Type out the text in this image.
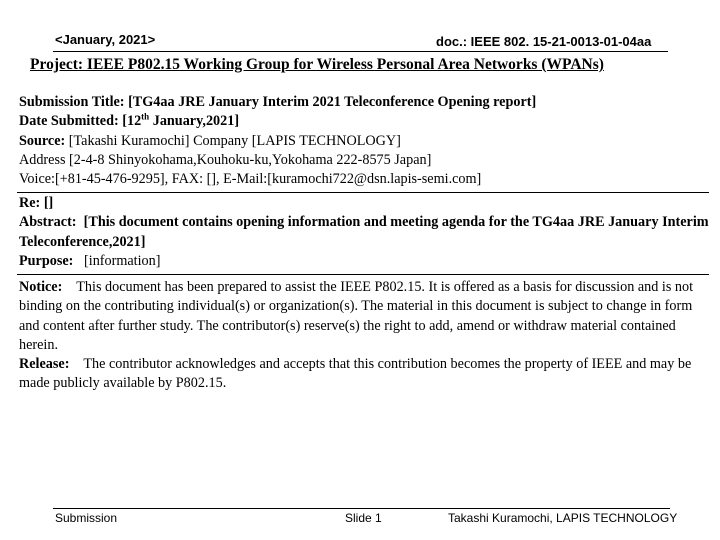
<January, 2021>	doc.: IEEE 802. 15-21-0013-01-04aa
Project: IEEE P802.15 Working Group for Wireless Personal Area Networks (WPANs)

Submission Title: [TG4aa JRE January Interim 2021 Teleconference Opening report]

Date Submitted: [12th January,2021]

Source: [Takashi Kuramochi] Company [LAPIS TECHNOLOGY]

Address [2-4-8 Shinyokohama,Kouhoku-ku,Yokohama 222-8575 Japan]

Voice:[+81-45-476-9295], FAX: [], E-Mail:[kuramochi722@dsn.lapis-semi.com]

Re: []

Abstract: [This document contains opening information and meeting agenda for the TG4aa JRE January Interim Teleconference,2021]

Purpose: [information]

Notice: This document has been prepared to assist the IEEE P802.15. It is offered as a basis for discussion and is not binding on the contributing individual(s) or organization(s). The material in this document is subject to change in form and content after further study. The contributor(s) reserve(s) the right to add, amend or withdraw material contained herein.

Release: The contributor acknowledges and accepts that this contribution becomes the property of IEEE and may be made publicly available by P802.15.

Submission	Slide 1	Takashi Kuramochi, LAPIS TECHNOLOGY
